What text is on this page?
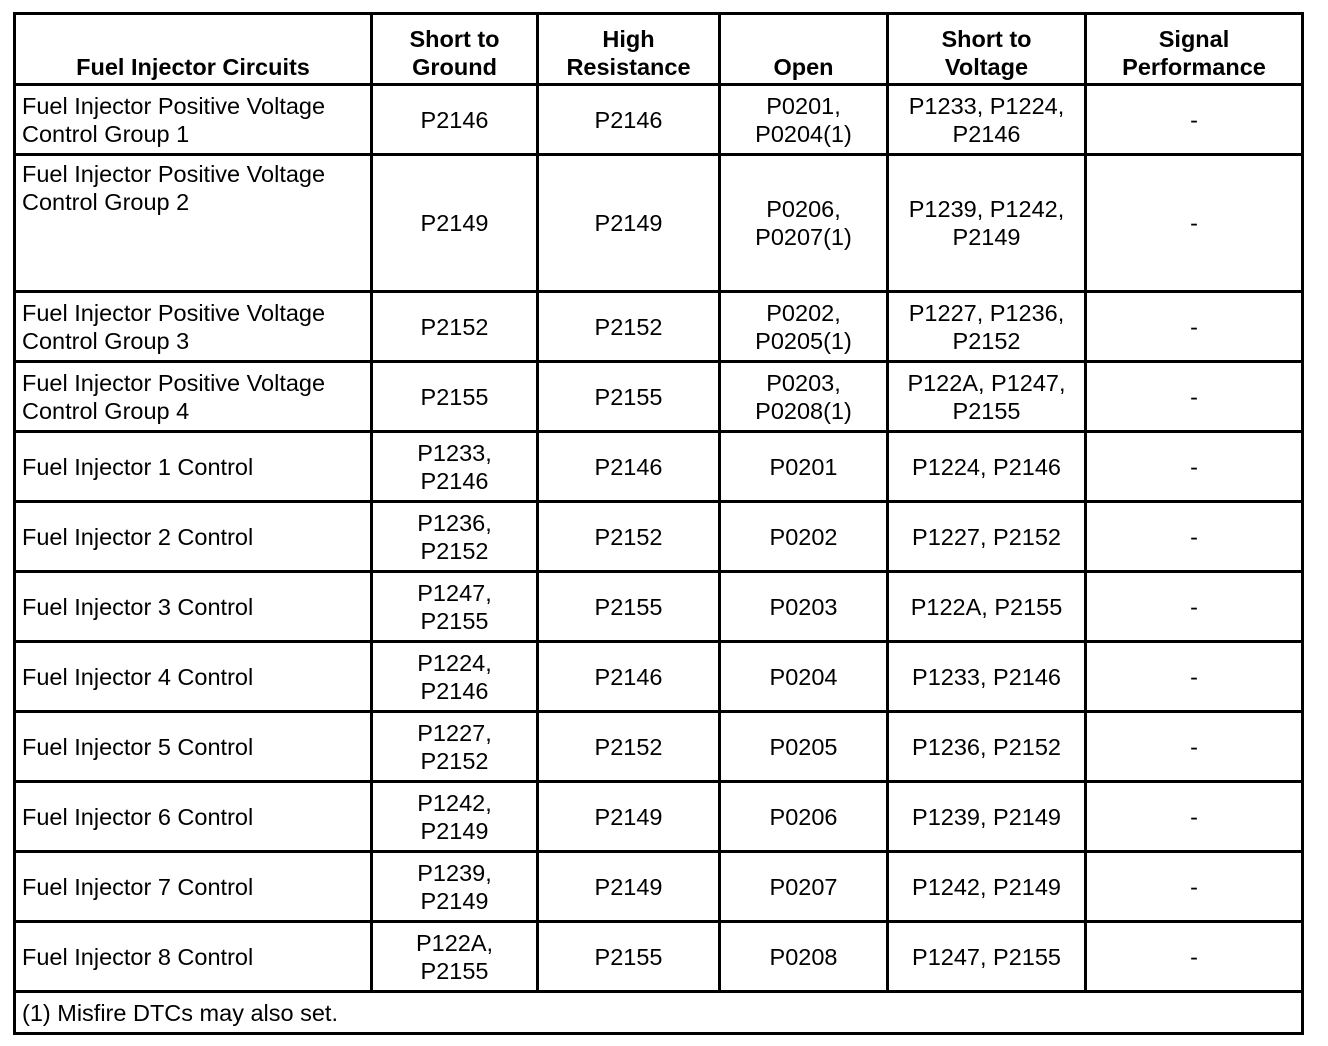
Fuel Injector Circuits	Short to
Ground	High
Resistance	Open	Short to
Voltage	Signal
Performance

Fuel Injector Positive Voltage
Control Group 1	P2146	P2146	P0201,
P0204(1)	P1233, P1224,
P2146	-

Fuel Injector Positive Voltage
Control Group 2	P2149	P2149	P0206,
P0207(1)	P1239, P1242,
P2149	-

Fuel Injector Positive Voltage
Control Group 3	P2152	P2152	P0202,
P0205(1)	P1227, P1236,
P2152	-

Fuel Injector Positive Voltage
Control Group 4	P2155	P2155	P0203,
P0208(1)	P122A, P1247,
P2155	-

Fuel Injector 1 Control	P1233,
P2146	P2146	P0201	P1224, P2146	-

Fuel Injector 2 Control	P1236,
P2152	P2152	P0202	P1227, P2152	-

Fuel Injector 3 Control	P1247,
P2155	P2155	P0203	P122A, P2155	-

Fuel Injector 4 Control	P1224,
P2146	P2146	P0204	P1233, P2146	-

Fuel Injector 5 Control	P1227,
P2152	P2152	P0205	P1236, P2152	-

Fuel Injector 6 Control	P1242,
P2149	P2149	P0206	P1239, P2149	-

Fuel Injector 7 Control	P1239,
P2149	P2149	P0207	P1242, P2149	-

Fuel Injector 8 Control	P122A,
P2155	P2155	P0208	P1247, P2155	-

(1) Misfire DTCs may also set.					
